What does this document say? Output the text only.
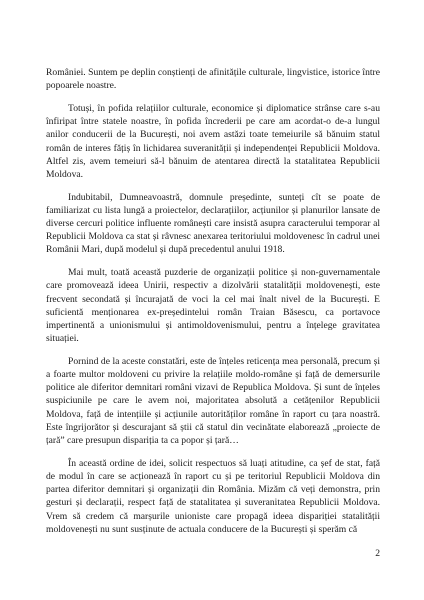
României. Suntem pe deplin conștienți de afinitățile culturale, lingvistice, istorice între popoarele noastre.

Totuși, în pofida relațiilor culturale, economice și diplomatice strânse care s-au înfiripat între statele noastre, în pofida încrederii pe care am acordat-o de-a lungul anilor conducerii de la București, noi avem astăzi toate temeiurile să bănuim statul român de interes fățiș în lichidarea suveranității și independenței Republicii Moldova. Altfel zis, avem temeiuri să-l bănuim de atentarea directă la statalitatea Republicii Moldova.

Indubitabil, Dumneavoastră, domnule președinte, sunteți cît se poate de familiarizat cu lista lungă a proiectelor, declarațiilor, acțiunilor și planurilor lansate de diverse cercuri politice influente românești care insistă asupra caracterului temporar al Republicii Moldova ca stat și râvnesc anexarea teritoriului moldovenesc în cadrul unei Românii Mari, după modelul și după precedentul anului 1918.

Mai mult, toată această puzderie de organizații politice și non-guvernamentale care promovează ideea Unirii, respectiv a dizolvării statalității moldovenești, este frecvent secondată și încurajată de voci la cel mai înalt nivel de la București. E suficientă menționarea ex-președintelui român Traian Băsescu, ca portavoce impertinentă a unionismului și antimoldovenismului, pentru a înțelege gravitatea situației.

Pornind de la aceste constatări, este de înțeles reticența mea personală, precum și a foarte multor moldoveni cu privire la relațiile moldo-române și față de demersurile politice ale diferitor demnitari români vizavi de Republica Moldova. Și sunt de înțeles suspiciunile pe care le avem noi, majoritatea absolută a cetățenilor Republicii Moldova, față de intențiile și acțiunile autorităților române în raport cu țara noastră. Este îngrijorător și descurajant să știi că statul din vecinătate elaborează „proiecte de țară” care presupun dispariția ta ca popor și țară…

În această ordine de idei, solicit respectuos să luați atitudine, ca șef de stat, față de modul în care se acționează în raport cu și pe teritoriul Republicii Moldova din partea diferitor demnitari și organizații din România. Mizăm că veți demonstra, prin gesturi și declarații, respect față de statalitatea și suveranitatea Republicii Moldova. Vrem să credem că marșurile unioniste care propagă ideea dispariției statalității moldovenești nu sunt susținute de actuala conducere de la București și sperăm că

2
